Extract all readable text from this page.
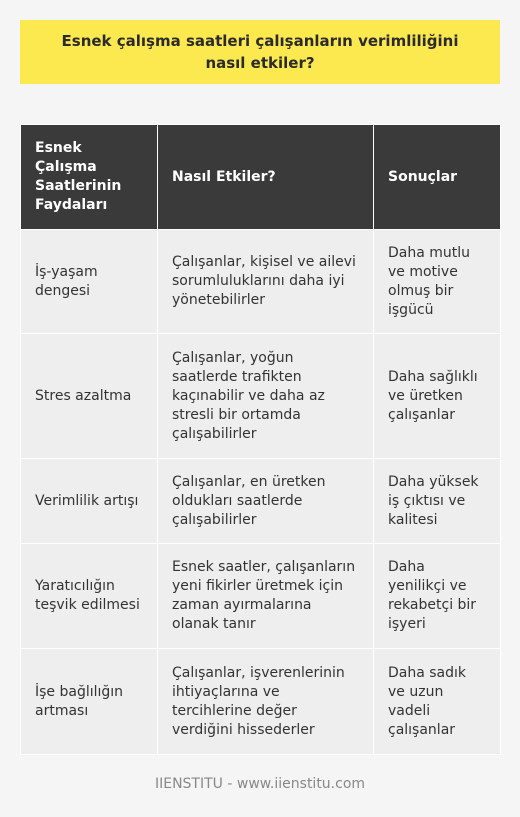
Esnek çalışma saatleri çalışanların verimliliğini nasıl etkiler?
Esnek Çalışma Saatlerinin Faydaları	Nasıl Etkiler?	Sonuçlar
İş-yaşam dengesi	Çalışanlar, kişisel ve ailevi sorumluluklarını daha iyi yönetebilirler	Daha mutlu ve motive olmuş bir işgücü
Stres azaltma	Çalışanlar, yoğun saatlerde trafikten kaçınabilir ve daha az stresli bir ortamda çalışabilirler	Daha sağlıklı ve üretken çalışanlar
Verimlilik artışı	Çalışanlar, en üretken oldukları saatlerde çalışabilirler	Daha yüksek iş çıktısı ve kalitesi
Yaratıcılığın teşvik edilmesi	Esnek saatler, çalışanların yeni fikirler üretmek için zaman ayırmalarına olanak tanır	Daha yenilikçi ve rekabetçi bir işyeri
İşe bağlılığın artması	Çalışanlar, işverenlerinin ihtiyaçlarına ve tercihlerine değer verdiğini hissederler	Daha sadık ve uzun vadeli çalışanlar
IIENSTITU - www.iienstitu.com
